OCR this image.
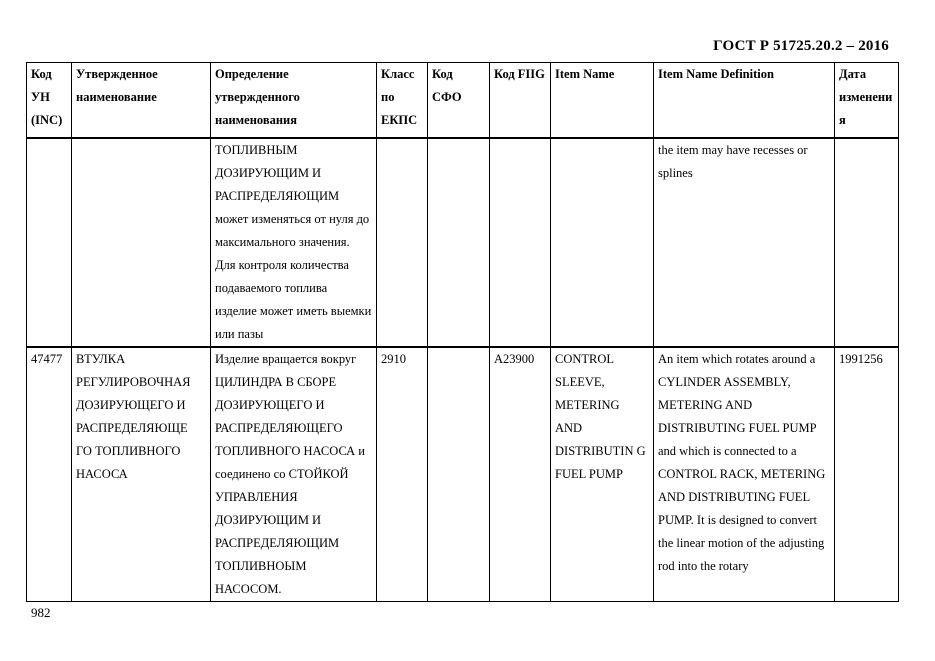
ГОСТ Р 51725.20.2 – 2016
Код УН (INC)	Утвержденное наименование	Определение утвержденного наименования	Класс по ЕКПС	Код СФО	Код FIIG	Item Name	Item Name Definition	Дата изменения
		ТОПЛИВНЫМ ДОЗИРУЮЩИМ И РАСПРЕДЕЛЯЮЩИМ может изменяться от нуля до максимального значения. Для контроля количества подаваемого топлива изделие может иметь выемки или пазы					the item may have recesses or splines	
47477	ВТУЛКА РЕГУЛИРОВОЧНАЯ ДОЗИРУЮЩЕГО И РАСПРЕДЕЛЯЮЩЕ ГО ТОПЛИВНОГО НАСОСА	Изделие вращается вокруг ЦИЛИНДРА В СБОРЕ ДОЗИРУЮЩЕГО И РАСПРЕДЕЛЯЮЩЕГО ТОПЛИВНОГО НАСОСА и соединено со СТОЙКОЙ УПРАВЛЕНИЯ ДОЗИРУЮЩИМ И РАСПРЕДЕЛЯЮЩИМ ТОПЛИВНОЫМ НАСОСОМ.	2910		A23900	CONTROL SLEEVE, METERING AND DISTRIBUTIN G FUEL PUMP	An item which rotates around a CYLINDER ASSEMBLY, METERING AND DISTRIBUTING FUEL PUMP and which is connected to a CONTROL RACK, METERING AND DISTRIBUTING FUEL PUMP. It is designed to convert the linear motion of the adjusting rod into the rotary	1991256
982
